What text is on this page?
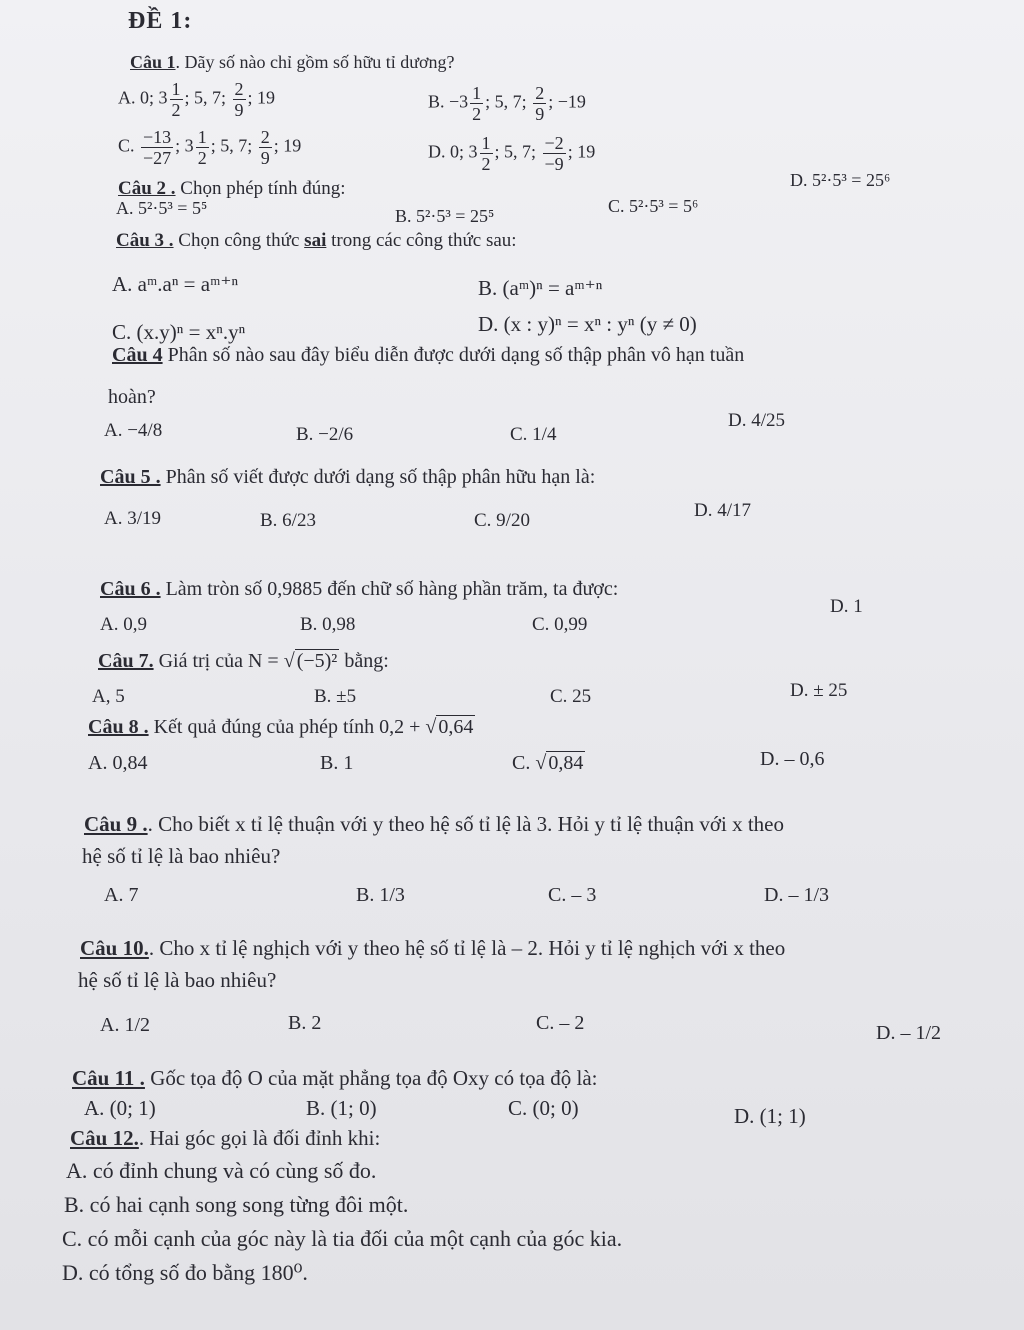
ĐỀ 1:
Câu 1. Dãy số nào chỉ gồm số hữu tỉ dương?
A. 0; $3 \frac{1}{2}$ ; 5, 7; $\frac{2}{9}$ ; 19	B. $-3 \frac{1}{2}$ ; 5, 7; $\frac{2}{9}$ ; −19
C. $\frac{-13}{-27}$ ; $3 \frac{1}{2}$ ; 5, 7; $\frac{2}{9}$ ; 19	D. 0; $3 \frac{1}{2}$ ; 5, 7; $\frac{-2}{-9}$ ; 19
Câu 2 . Chọn phép tính đúng:
A. 5²·5³ = 5⁵	B. 5²·5³ = 25⁵	C. 5²·5³ = 5⁶
D. 5²·5³ = 25⁶
Câu 3 . Chọn công thức sai trong các công thức sau:
A. aᵐ.aⁿ = aᵐ⁺ⁿ	B. (aᵐ)ⁿ = aᵐ⁺ⁿ
C. (x.y)ⁿ = xⁿ.yⁿ	D. (x : y)ⁿ = xⁿ : yⁿ (y ≠ 0)
Câu 4 Phân số nào sau đây biểu diễn được dưới dạng số thập phân vô hạn tuần
hoàn?
A. −4/8	B. −2/6	C. 1/4
D. 4/25
Câu 5 . Phân số viết được dưới dạng số thập phân hữu hạn là:
A. 3/19	B. 6/23	C. 9/20	D. 4/17
Câu 6 . Làm tròn số 0,9885 đến chữ số hàng phần trăm, ta được:
A. 0,9	B. 0,98	C. 0,99
D. 1
Câu 7. Giá trị của N = √ (−5)² bằng:
A, 5	B. ±5	C. 25	D. ± 25
Câu 8 . Kết quả đúng của phép tính 0,2 + √ 0,64
A. 0,84	B. 1	C. √ 0,84	D. – 0,6
Câu 9 .. Cho biết x tỉ lệ thuận với y theo hệ số tỉ lệ là 3. Hỏi y tỉ lệ thuận với x theo
hệ số tỉ lệ là bao nhiêu?
A. 7	B. 1/3	C. – 3	D. – 1/3
Câu 10.. Cho x tỉ lệ nghịch với y theo hệ số tỉ lệ là – 2. Hỏi y tỉ lệ nghịch với x theo
hệ số tỉ lệ là bao nhiêu?
A. 1/2	B. 2	C. – 2	D. – 1/2
Câu 11 . Gốc tọa độ O của mặt phẳng tọa độ Oxy có tọa độ là:
A. (0; 1)	B. (1; 0)	C. (0; 0)	D. (1; 1)
Câu 12.. Hai góc gọi là đối đỉnh khi:
A. có đỉnh chung và có cùng số đo.
B. có hai cạnh song song từng đôi một.
C. có mỗi cạnh của góc này là tia đối của một cạnh của góc kia.
D. có tổng số đo bằng 180⁰.
